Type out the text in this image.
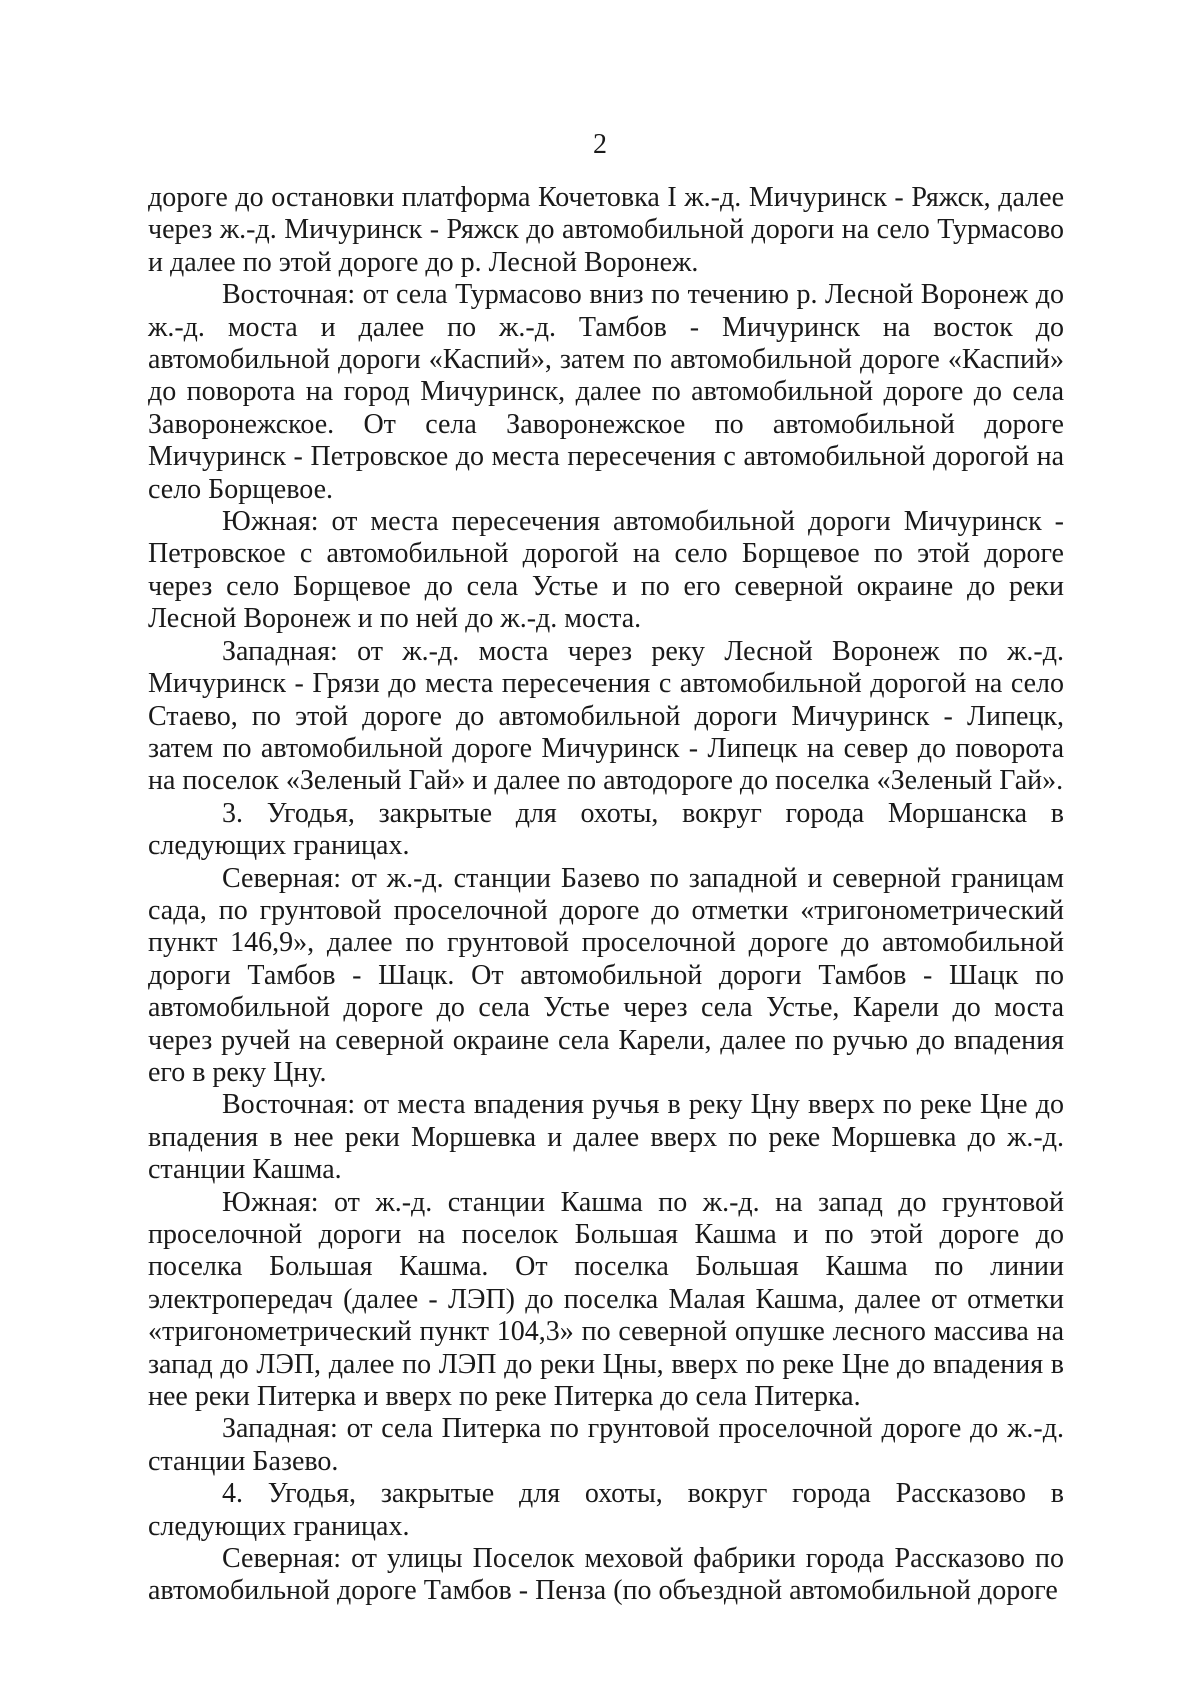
2

дороге до остановки платформа Кочетовка I ж.-д. Мичуринск - Ряжск, далее через ж.-д. Мичуринск - Ряжск до автомобильной дороги на село Турмасово и далее по этой дороге до р. Лесной Воронеж.

Восточная: от села Турмасово вниз по течению р. Лесной Воронеж до ж.-д. моста и далее по ж.-д. Тамбов - Мичуринск на восток до автомобильной дороги «Каспий», затем по автомобильной дороге «Каспий» до поворота на город Мичуринск, далее по автомобильной дороге до села Заворонежское. От села Заворонежское по автомобильной дороге Мичуринск - Петровское до места пересечения с автомобильной дорогой на село Борщевое.

Южная: от места пересечения автомобильной дороги Мичуринск - Петровское с автомобильной дорогой на село Борщевое по этой дороге через село Борщевое до села Устье и по его северной окраине до реки Лесной Воронеж и по ней до ж.-д. моста.

Западная: от ж.-д. моста через реку Лесной Воронеж по ж.-д. Мичуринск - Грязи до места пересечения с автомобильной дорогой на село Стаево, по этой дороге до автомобильной дороги Мичуринск - Липецк, затем по автомобильной дороге Мичуринск - Липецк на север до поворота на поселок «Зеленый Гай» и далее по автодороге до поселка «Зеленый Гай».

3. Угодья, закрытые для охоты, вокруг города Моршанска в следующих границах.

Северная: от ж.-д. станции Базево по западной и северной границам сада, по грунтовой проселочной дороге до отметки «тригонометрический пункт 146,9», далее по грунтовой проселочной дороге до автомобильной дороги Тамбов - Шацк. От автомобильной дороги Тамбов - Шацк по автомобильной дороге до села Устье через села Устье, Карели до моста через ручей на северной окраине села Карели, далее по ручью до впадения его в реку Цну.

Восточная: от места впадения ручья в реку Цну вверх по реке Цне до впадения в нее реки Моршевка и далее вверх по реке Моршевка до ж.-д. станции Кашма.

Южная: от ж.-д. станции Кашма по ж.-д. на запад до грунтовой проселочной дороги на поселок Большая Кашма и по этой дороге до поселка Большая Кашма. От поселка Большая Кашма по линии электропередач (далее - ЛЭП) до поселка Малая Кашма, далее от отметки «тригонометрический пункт 104,3» по северной опушке лесного массива на запад до ЛЭП, далее по ЛЭП до реки Цны, вверх по реке Цне до впадения в нее реки Питерка и вверх по реке Питерка до села Питерка.

Западная: от села Питерка по грунтовой проселочной дороге до ж.-д. станции Базево.

4. Угодья, закрытые для охоты, вокруг города Рассказово в следующих границах.

Северная: от улицы Поселок меховой фабрики города Рассказово по автомобильной дороге Тамбов - Пенза (по объездной автомобильной дороге
